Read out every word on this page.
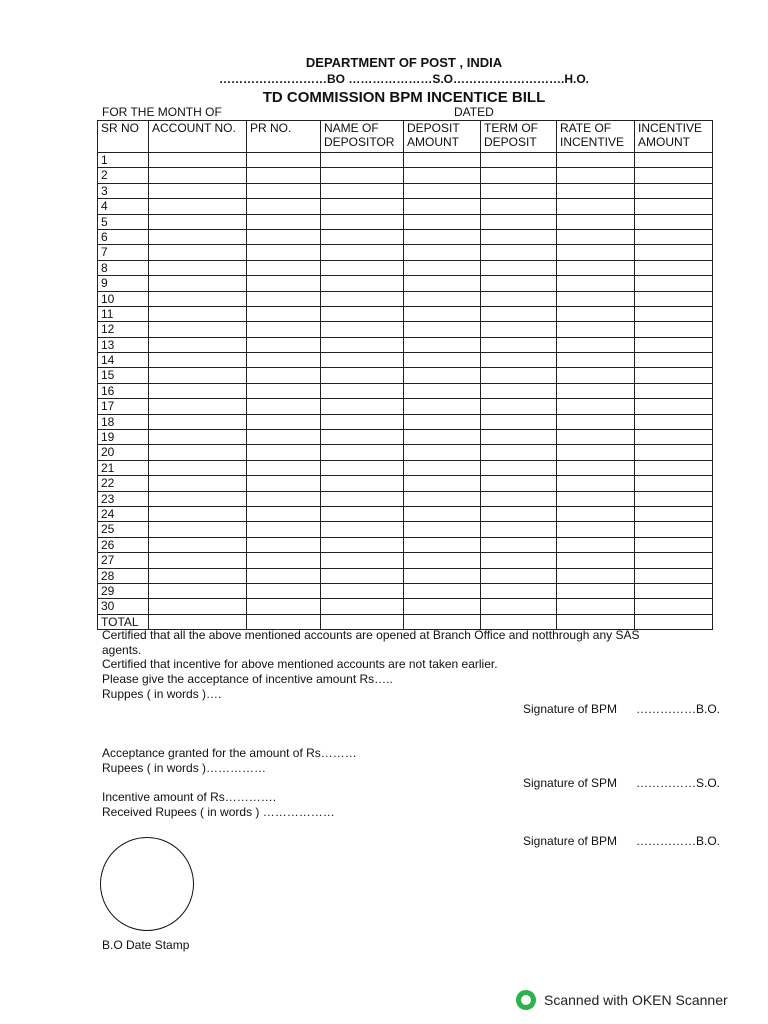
DEPARTMENT OF POST , INDIA
………………………BO …………………S.O……………………….H.O.
TD COMMISSION BPM INCENTICE BILL
FOR THE MONTH OF	DATED
SR NO	ACCOUNT NO.	PR NO.	NAME OF DEPOSITOR	DEPOSIT AMOUNT	TERM OF DEPOSIT	RATE OF INCENTIVE	INCENTIVE AMOUNT
1							
2							
3							
4							
5							
6							
7							
8							
9							
10							
11							
12							
13							
14							
15							
16							
17							
18							
19							
20							
21							
22							
23							
24							
25							
26							
27							
28							
29							
30							
TOTAL							
Certified that all the above mentioned accounts are opened at Branch Office and notthrough any SAS
agents.
Certified that incentive for above mentioned accounts are not taken earlier.
Please give the acceptance of incentive amount Rs…..
Ruppes ( in words )….
Signature of BPM ……………B.O.
Acceptance granted for the amount of Rs………
Rupees ( in words )……………
Signature of SPM ……………S.O.
Incentive amount of Rs………….
Received Rupees ( in words ) ………………
Signature of BPM ……………B.O.
B.O Date Stamp
Scanned with OKEN Scanner
